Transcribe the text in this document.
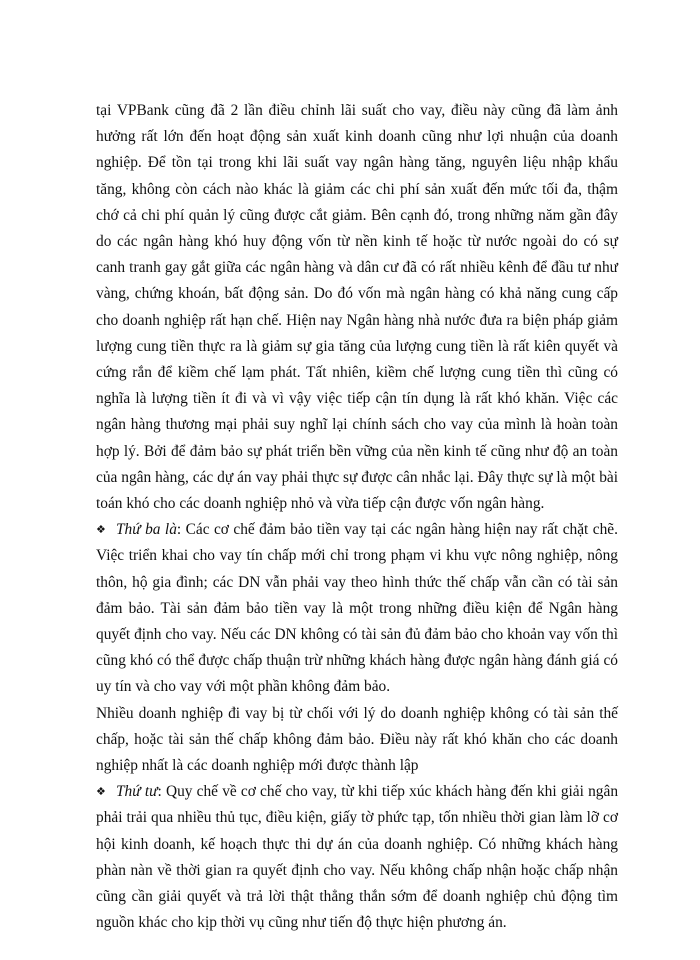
tại VPBank cũng đã 2 lần điều chỉnh lãi suất cho vay, điều này cũng đã làm ảnh hưởng rất lớn đến hoạt động sản xuất kinh doanh cũng như lợi nhuận của doanh nghiệp. Để tồn tại trong khi lãi suất vay ngân hàng tăng, nguyên liệu nhập khẩu tăng, không còn cách nào khác là giảm các chi phí sản xuất đến mức tối đa, thậm chớ cả chi phí quản lý cũng được cắt giảm. Bên cạnh đó, trong những năm gần đây do các ngân hàng khó huy động vốn từ nền kinh tế hoặc từ nước ngoài do có sự canh tranh gay gắt giữa các ngân hàng và dân cư đã có rất nhiều kênh để đầu tư như vàng, chứng khoán, bất động sản. Do đó vốn mà ngân hàng có khả năng cung cấp cho doanh nghiệp rất hạn chế. Hiện nay Ngân hàng nhà nước đưa ra biện pháp giảm lượng cung tiền thực ra là giảm sự gia tăng của lượng cung tiền là rất kiên quyết và cứng rắn để kiềm chế lạm phát. Tất nhiên, kiềm chế lượng cung tiền thì cũng có nghĩa là lượng tiền ít đi và vì vậy việc tiếp cận tín dụng là rất khó khăn. Việc các ngân hàng thương mại phải suy nghĩ lại chính sách cho vay của mình là hoàn toàn hợp lý. Bởi để đảm bảo sự phát triển bền vững của nền kinh tế cũng như độ an toàn của ngân hàng, các dự án vay phải thực sự được cân nhắc lại. Đây thực sự là một bài toán khó cho các doanh nghiệp nhỏ và vừa tiếp cận được vốn ngân hàng.

❖ Thứ ba là: Các cơ chế đảm bảo tiền vay tại các ngân hàng hiện nay rất chặt chẽ. Việc triển khai cho vay tín chấp mới chỉ trong phạm vi khu vực nông nghiệp, nông thôn, hộ gia đình; các DN vẫn phải vay theo hình thức thế chấp vẫn cần có tài sản đảm bảo. Tài sản đảm bảo tiền vay là một trong những điều kiện để Ngân hàng quyết định cho vay. Nếu các DN không có tài sản đủ đảm bảo cho khoản vay vốn thì cũng khó có thể được chấp thuận trừ những khách hàng được ngân hàng đánh giá có uy tín và cho vay với một phần không đảm bảo.

Nhiều doanh nghiệp đi vay bị từ chối với lý do doanh nghiệp không có tài sản thế chấp, hoặc tài sản thế chấp không đảm bảo. Điều này rất khó khăn cho các doanh nghiệp nhất là các doanh nghiệp mới được thành lập

❖ Thứ tư: Quy chế về cơ chế cho vay, từ khi tiếp xúc khách hàng đến khi giải ngân phải trải qua nhiều thủ tục, điều kiện, giấy tờ phức tạp, tốn nhiều thời gian làm lỡ cơ hội kinh doanh, kế hoạch thực thi dự án của doanh nghiệp. Có những khách hàng phàn nàn về thời gian ra quyết định cho vay. Nếu không chấp nhận hoặc chấp nhận cũng cần giải quyết và trả lời thật thẳng thắn sớm để doanh nghiệp chủ động tìm nguồn khác cho kịp thời vụ cũng như tiến độ thực hiện phương án.
